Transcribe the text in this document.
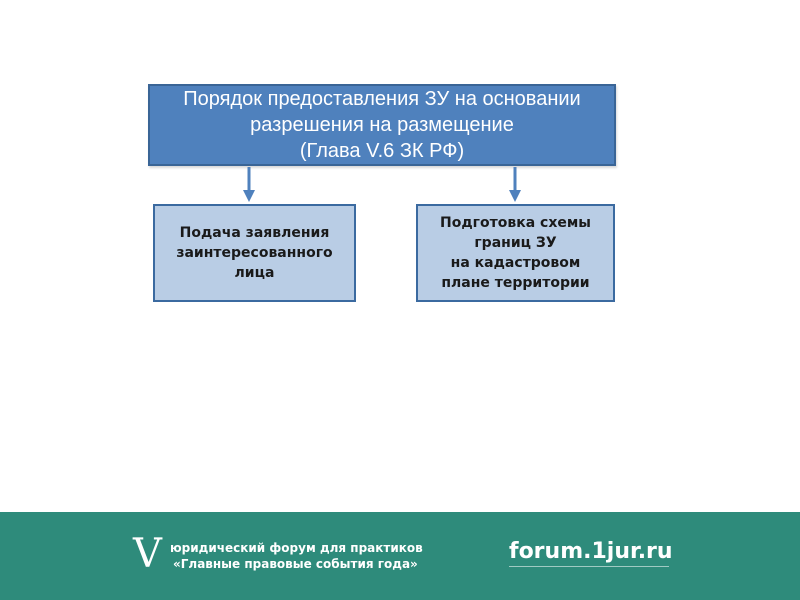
Порядок предоставления ЗУ на основании
разрешения на размещение
(Глава V.6 ЗК РФ)
Подача заявления
заинтересованного
лица
Подготовка схемы
границ ЗУ
на кадастровом
плане территории
V юридический форум для практиков
«Главные правовые события года»	forum.1jur.ru
